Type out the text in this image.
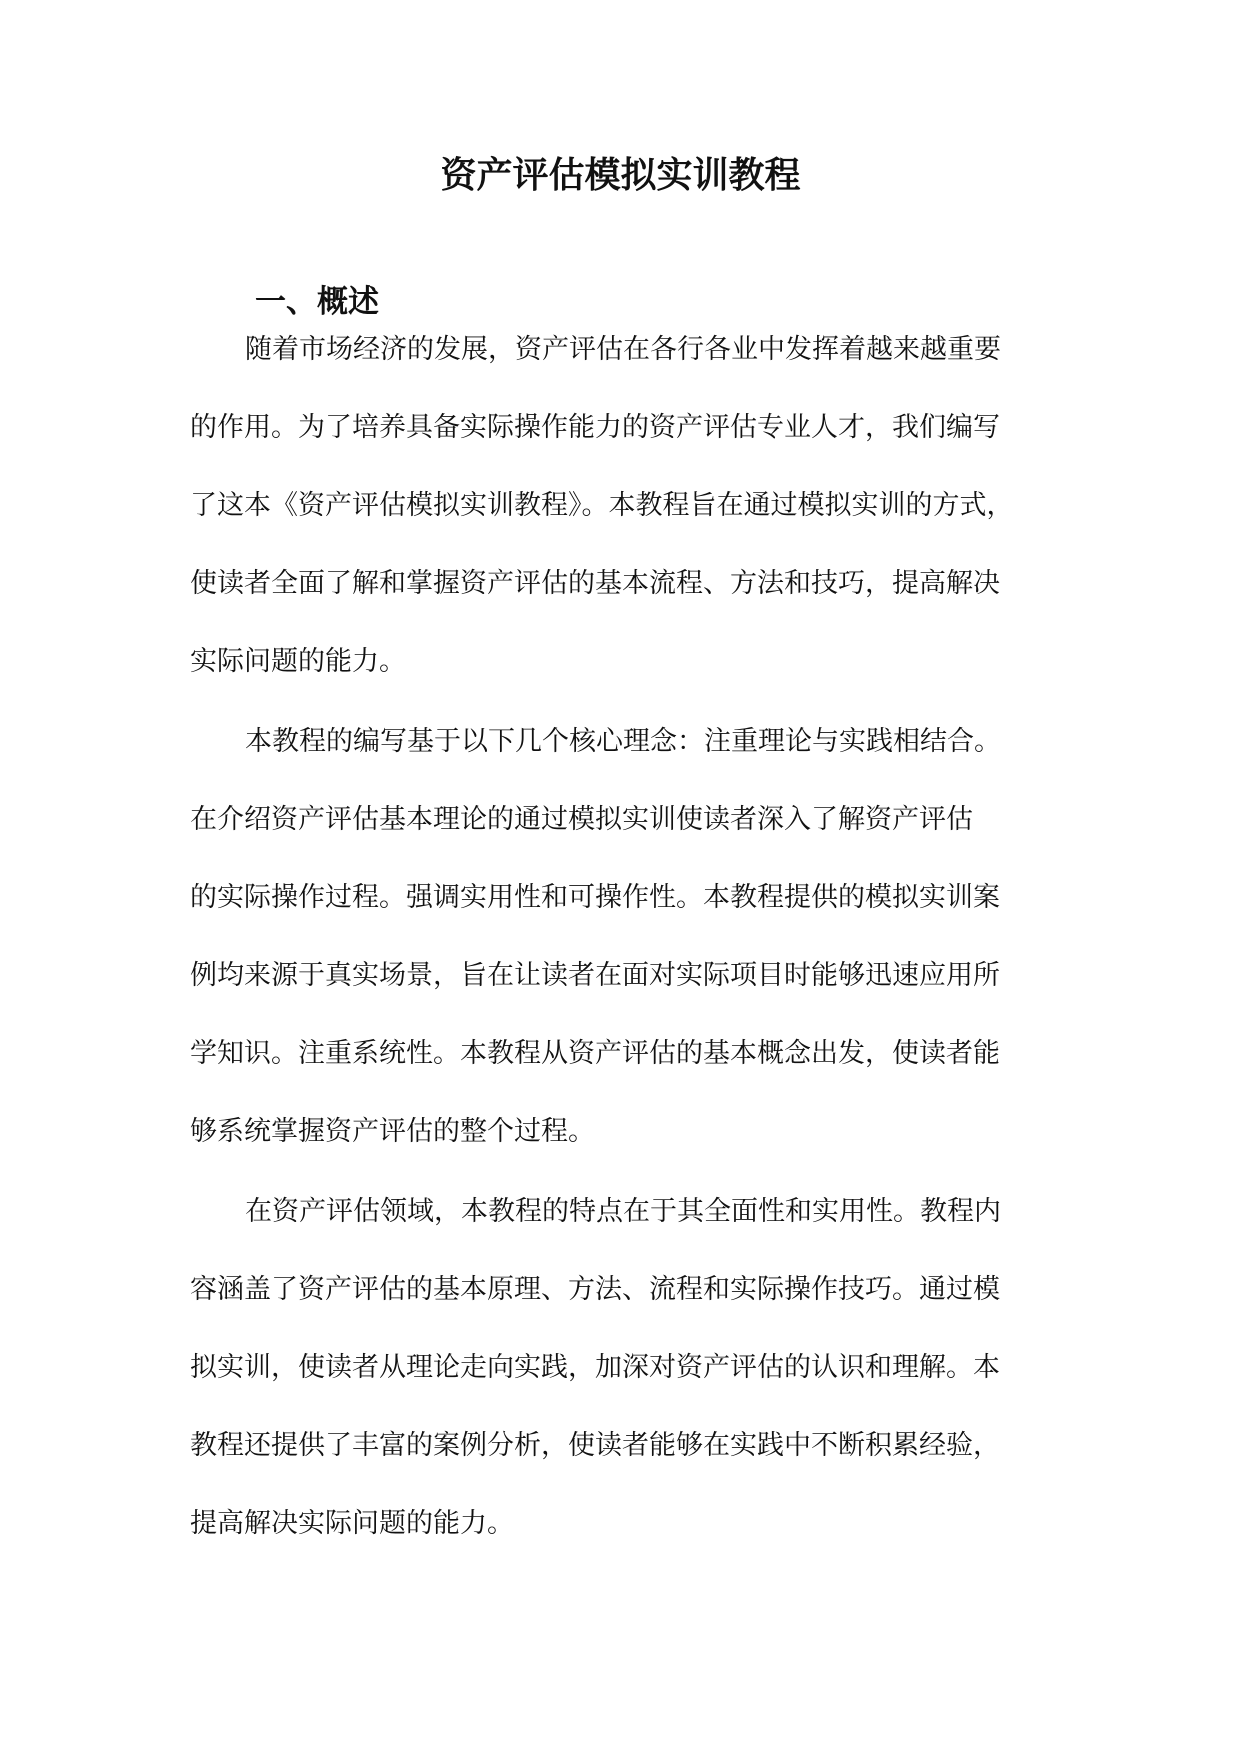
资产评估模拟实训教程
一、概述

随着市场经济的发展，资产评估在各行各业中发挥着越来越重要

的作用。为了培养具备实际操作能力的资产评估专业人才，我们编写

了这本《资产评估模拟实训教程》。本教程旨在通过模拟实训的方式，

使读者全面了解和掌握资产评估的基本流程、方法和技巧，提高解决

实际问题的能力。

本教程的编写基于以下几个核心理念：注重理论与实践相结合。

在介绍资产评估基本理论的通过模拟实训使读者深入了解资产评估

的实际操作过程。强调实用性和可操作性。本教程提供的模拟实训案

例均来源于真实场景，旨在让读者在面对实际项目时能够迅速应用所

学知识。注重系统性。本教程从资产评估的基本概念出发，使读者能

够系统掌握资产评估的整个过程。

在资产评估领域，本教程的特点在于其全面性和实用性。教程内

容涵盖了资产评估的基本原理、方法、流程和实际操作技巧。通过模

拟实训，使读者从理论走向实践，加深对资产评估的认识和理解。本

教程还提供了丰富的案例分析，使读者能够在实践中不断积累经验，

提高解决实际问题的能力。
